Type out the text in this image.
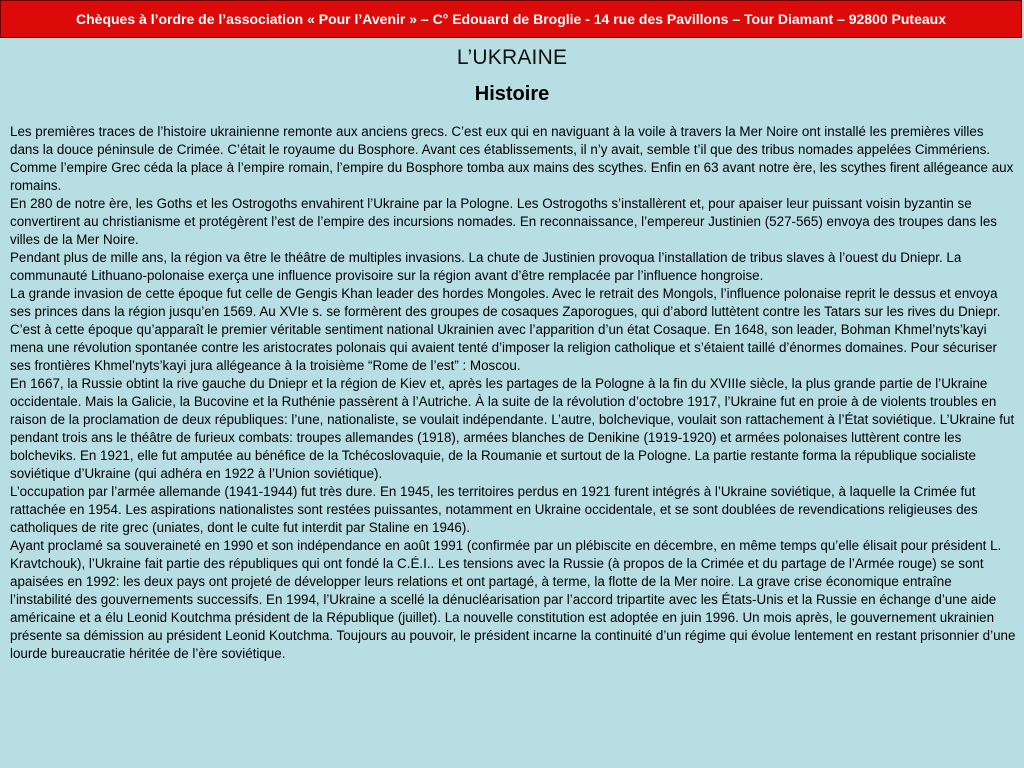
Chèques à l’ordre de l’association « Pour l’Avenir » – C° Edouard de Broglie - 14 rue des Pavillons – Tour Diamant – 92800 Puteaux
L’UKRAINE
Histoire

Les premières traces de l’histoire ukrainienne remonte aux anciens grecs. C’est eux qui en naviguant à la voile à travers la Mer Noire ont installé les premières villes dans la douce péninsule de Crimée. C’était le royaume du Bosphore. Avant ces établissements, il n’y avait, semble t’il que des tribus nomades appelées Cimmériens. Comme l’empire Grec céda la place à l’empire romain, l’empire du Bosphore tomba aux mains des scythes. Enfin en 63 avant notre ère, les scythes firent allégeance aux romains.

En 280 de notre ère, les Goths et les Ostrogoths envahirent l’Ukraine par la Pologne. Les Ostrogoths s’installèrent et, pour apaiser leur puissant voisin byzantin se convertirent au christianisme et protégèrent l’est de l’empire des incursions nomades. En reconnaissance, l’empereur Justinien (527-565) envoya des troupes dans les villes de la Mer Noire.

Pendant plus de mille ans, la région va être le théâtre de multiples invasions. La chute de Justinien provoqua l’installation de tribus slaves à l’ouest du Dniepr. La communauté Lithuano-polonaise exerça une influence provisoire sur la région avant d’être remplacée par l’influence hongroise.

La grande invasion de cette époque fut celle de Gengis Khan leader des hordes Mongoles. Avec le retrait des Mongols, l’influence polonaise reprit le dessus et envoya ses princes dans la région jusqu’en 1569. Au XVIe s. se formèrent des groupes de cosaques Zaporogues, qui d’abord luttètent contre les Tatars sur les rives du Dniepr. C’est à cette époque qu’apparaît le premier véritable sentiment national Ukrainien avec l’apparition d’un état Cosaque. En 1648, son leader, Bohman Khmel’nyts’kayi mena une révolution spontanée contre les aristocrates polonais qui avaient tenté d’imposer la religion catholique et s’étaient taillé d’énormes domaines. Pour sécuriser ses frontières Khmel’nyts’kayi jura allégeance à la troisième “Rome de l’est” : Moscou.

En 1667, la Russie obtint la rive gauche du Dniepr et la région de Kiev et, après les partages de la Pologne à la fin du XVIIIe siècle, la plus grande partie de l’Ukraine occidentale. Mais la Galicie, la Bucovine et la Ruthénie passèrent à l’Autriche. À la suite de la révolution d’octobre 1917, l’Ukraine fut en proie à de violents troubles en raison de la proclamation de deux républiques: l’une, nationaliste, se voulait indépendante. L’autre, bolchevique, voulait son rattachement à l’État soviétique. L’Ukraine fut pendant trois ans le théâtre de furieux combats: troupes allemandes (1918), armées blanches de Denikine (1919-1920) et armées polonaises luttèrent contre les bolcheviks. En 1921, elle fut amputée au bénéfice de la Tchécoslovaquie, de la Roumanie et surtout de la Pologne. La partie restante forma la république socialiste soviétique d’Ukraine (qui adhéra en 1922 à l’Union soviétique).

L’occupation par l’armée allemande (1941-1944) fut très dure. En 1945, les territoires perdus en 1921 furent intégrés à l’Ukraine soviétique, à laquelle la Crimée fut rattachée en 1954. Les aspirations nationalistes sont restées puissantes, notamment en Ukraine occidentale, et se sont doublées de revendications religieuses des catholiques de rite grec (uniates, dont le culte fut interdit par Staline en 1946).

Ayant proclamé sa souveraineté en 1990 et son indépendance en août 1991 (confirmée par un plébiscite en décembre, en même temps qu’elle élisait pour président L. Kravtchouk), l’Ukraine fait partie des républiques qui ont fondé la C.É.I.. Les tensions avec la Russie (à propos de la Crimée et du partage de l’Armée rouge) se sont apaisées en 1992: les deux pays ont projeté de développer leurs relations et ont partagé, à terme, la flotte de la Mer noire. La grave crise économique entraîne l’instabilité des gouvernements successifs. En 1994, l’Ukraine a scellé la dénucléarisation par l’accord tripartite avec les États-Unis et la Russie en échange d’une aide américaine et a élu Leonid Koutchma président de la République (juillet). La nouvelle constitution est adoptée en juin 1996. Un mois après, le gouvernement ukrainien présente sa démission au président Leonid Koutchma. Toujours au pouvoir, le président incarne la continuité d’un régime qui évolue lentement en restant prisonnier d’une lourde bureaucratie héritée de l’ère soviétique.
